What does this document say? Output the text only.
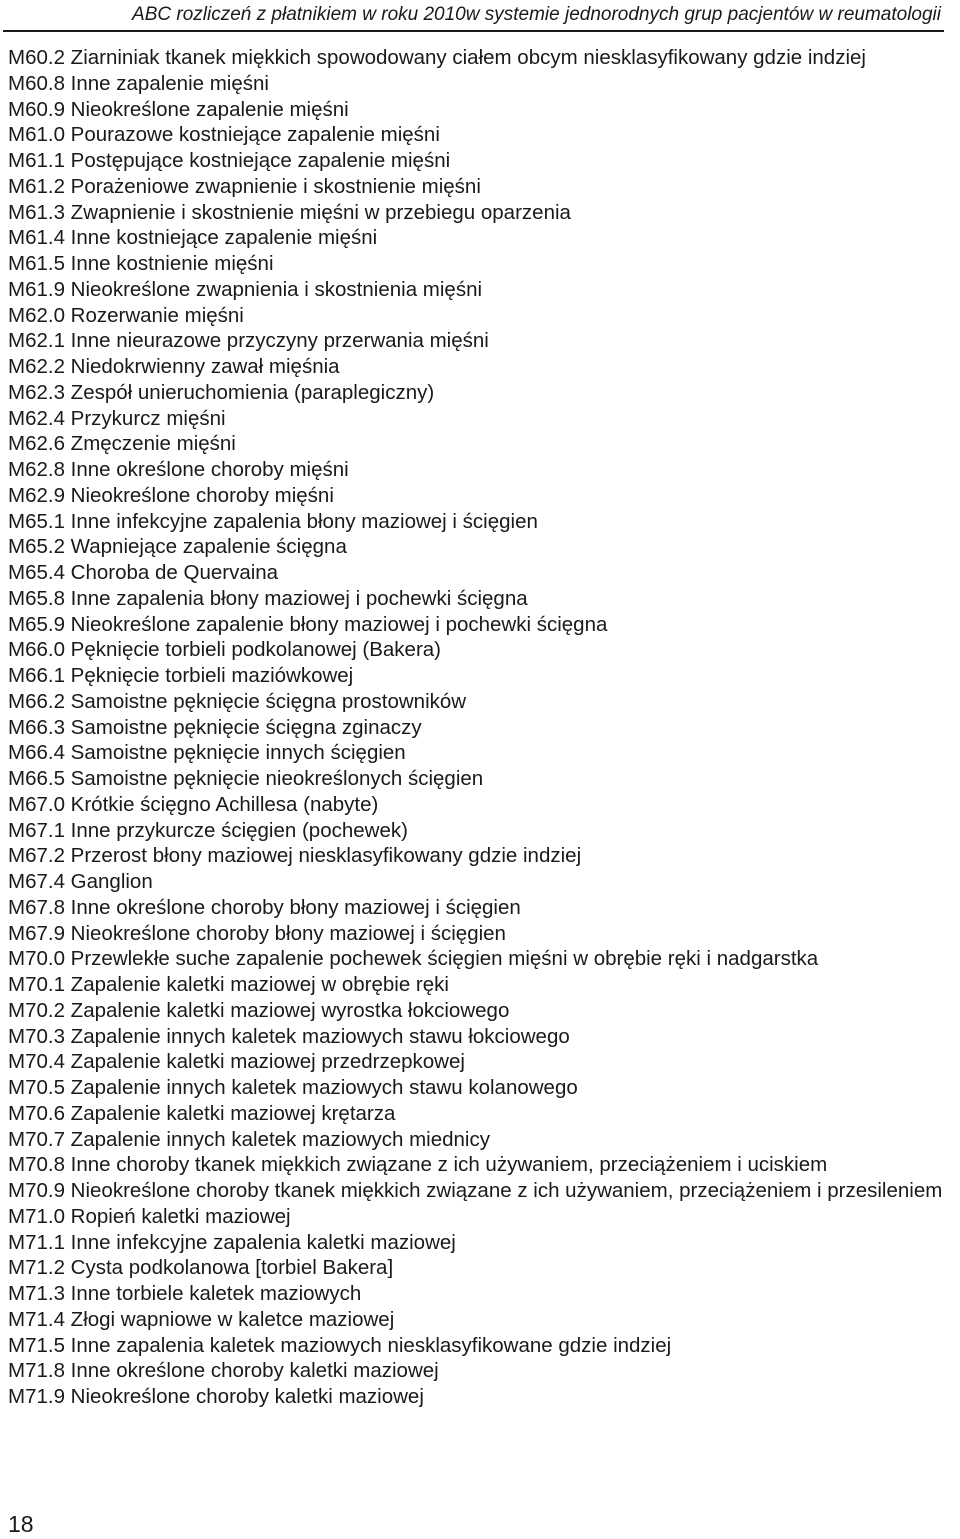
ABC rozliczeń z płatnikiem w roku 2010w systemie jednorodnych grup pacjentów w reumatologii
M60.2 Ziarniniak tkanek miękkich spowodowany ciałem obcym niesklasyfikowany gdzie indziej
M60.8 Inne zapalenie mięśni
M60.9 Nieokreślone zapalenie mięśni
M61.0 Pourazowe kostniejące zapalenie mięśni
M61.1 Postępujące kostniejące zapalenie mięśni
M61.2 Porażeniowe zwapnienie i skostnienie mięśni
M61.3 Zwapnienie i skostnienie mięśni w przebiegu oparzenia
M61.4 Inne kostniejące zapalenie mięśni
M61.5 Inne kostnienie mięśni
M61.9 Nieokreślone zwapnienia i skostnienia mięśni
M62.0 Rozerwanie mięśni
M62.1 Inne nieurazowe przyczyny przerwania mięśni
M62.2 Niedokrwienny zawał mięśnia
M62.3 Zespół unieruchomienia (paraplegiczny)
M62.4 Przykurcz mięśni
M62.6 Zmęczenie mięśni
M62.8 Inne określone choroby mięśni
M62.9 Nieokreślone choroby mięśni
M65.1 Inne infekcyjne zapalenia błony maziowej i ścięgien
M65.2 Wapniejące zapalenie ścięgna
M65.4 Choroba de Quervaina
M65.8 Inne zapalenia błony maziowej i pochewki ścięgna
M65.9 Nieokreślone zapalenie błony maziowej i pochewki ścięgna
M66.0 Pęknięcie torbieli podkolanowej (Bakera)
M66.1 Pęknięcie torbieli maziówkowej
M66.2 Samoistne pęknięcie ścięgna prostowników
M66.3 Samoistne pęknięcie ścięgna zginaczy
M66.4 Samoistne pęknięcie innych ścięgien
M66.5 Samoistne pęknięcie nieokreślonych ścięgien
M67.0 Krótkie ścięgno Achillesa (nabyte)
M67.1 Inne przykurcze ścięgien (pochewek)
M67.2 Przerost błony maziowej niesklasyfikowany gdzie indziej
M67.4 Ganglion
M67.8 Inne określone choroby błony maziowej i ścięgien
M67.9 Nieokreślone choroby błony maziowej i ścięgien
M70.0 Przewlekłe suche zapalenie pochewek ścięgien mięśni w obrębie ręki i nadgarstka
M70.1 Zapalenie kaletki maziowej w obrębie ręki
M70.2 Zapalenie kaletki maziowej wyrostka łokciowego
M70.3 Zapalenie innych kaletek maziowych stawu łokciowego
M70.4 Zapalenie kaletki maziowej przedrzepkowej
M70.5 Zapalenie innych kaletek maziowych stawu kolanowego
M70.6 Zapalenie kaletki maziowej krętarza
M70.7 Zapalenie innych kaletek maziowych miednicy
M70.8 Inne choroby tkanek miękkich związane z ich używaniem, przeciążeniem i uciskiem
M70.9 Nieokreślone choroby tkanek miękkich związane z ich używaniem, przeciążeniem i przesileniem
M71.0 Ropień kaletki maziowej
M71.1 Inne infekcyjne zapalenia kaletki maziowej
M71.2 Cysta podkolanowa [torbiel Bakera]
M71.3 Inne torbiele kaletek maziowych
M71.4 Złogi wapniowe w kaletce maziowej
M71.5 Inne zapalenia kaletek maziowych niesklasyfikowane gdzie indziej
M71.8 Inne określone choroby kaletki maziowej
M71.9 Nieokreślone choroby kaletki maziowej
18
